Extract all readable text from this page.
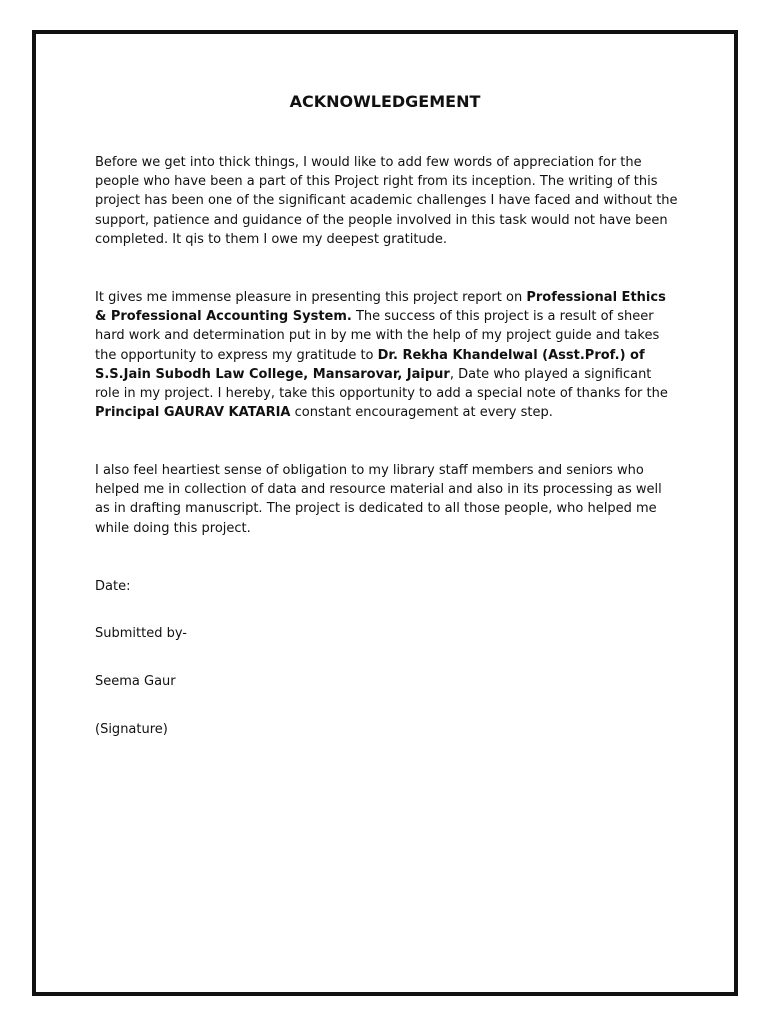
ACKNOWLEDGEMENT

Before we get into thick things, I would like to add few words of appreciation for the people who have been a part of this Project right from its inception. The writing of this project has been one of the significant academic challenges I have faced and without the support, patience and guidance of the people involved in this task would not have been completed. It qis to them I owe my deepest gratitude.

It gives me immense pleasure in presenting this project report on Professional Ethics & Professional Accounting System. The success of this project is a result of sheer hard work and determination put in by me with the help of my project guide and takes the opportunity to express my gratitude to Dr. Rekha Khandelwal (Asst.Prof.) of S.S.Jain Subodh Law College, Mansarovar, Jaipur, Date who played a significant role in my project. I hereby, take this opportunity to add a special note of thanks for the Principal GAURAV KATARIA constant encouragement at every step.

I also feel heartiest sense of obligation to my library staff members and seniors who helped me in collection of data and resource material and also in its processing as well as in drafting manuscript. The project is dedicated to all those people, who helped me while doing this project.

Date:
Submitted by-
Seema Gaur
(Signature)
